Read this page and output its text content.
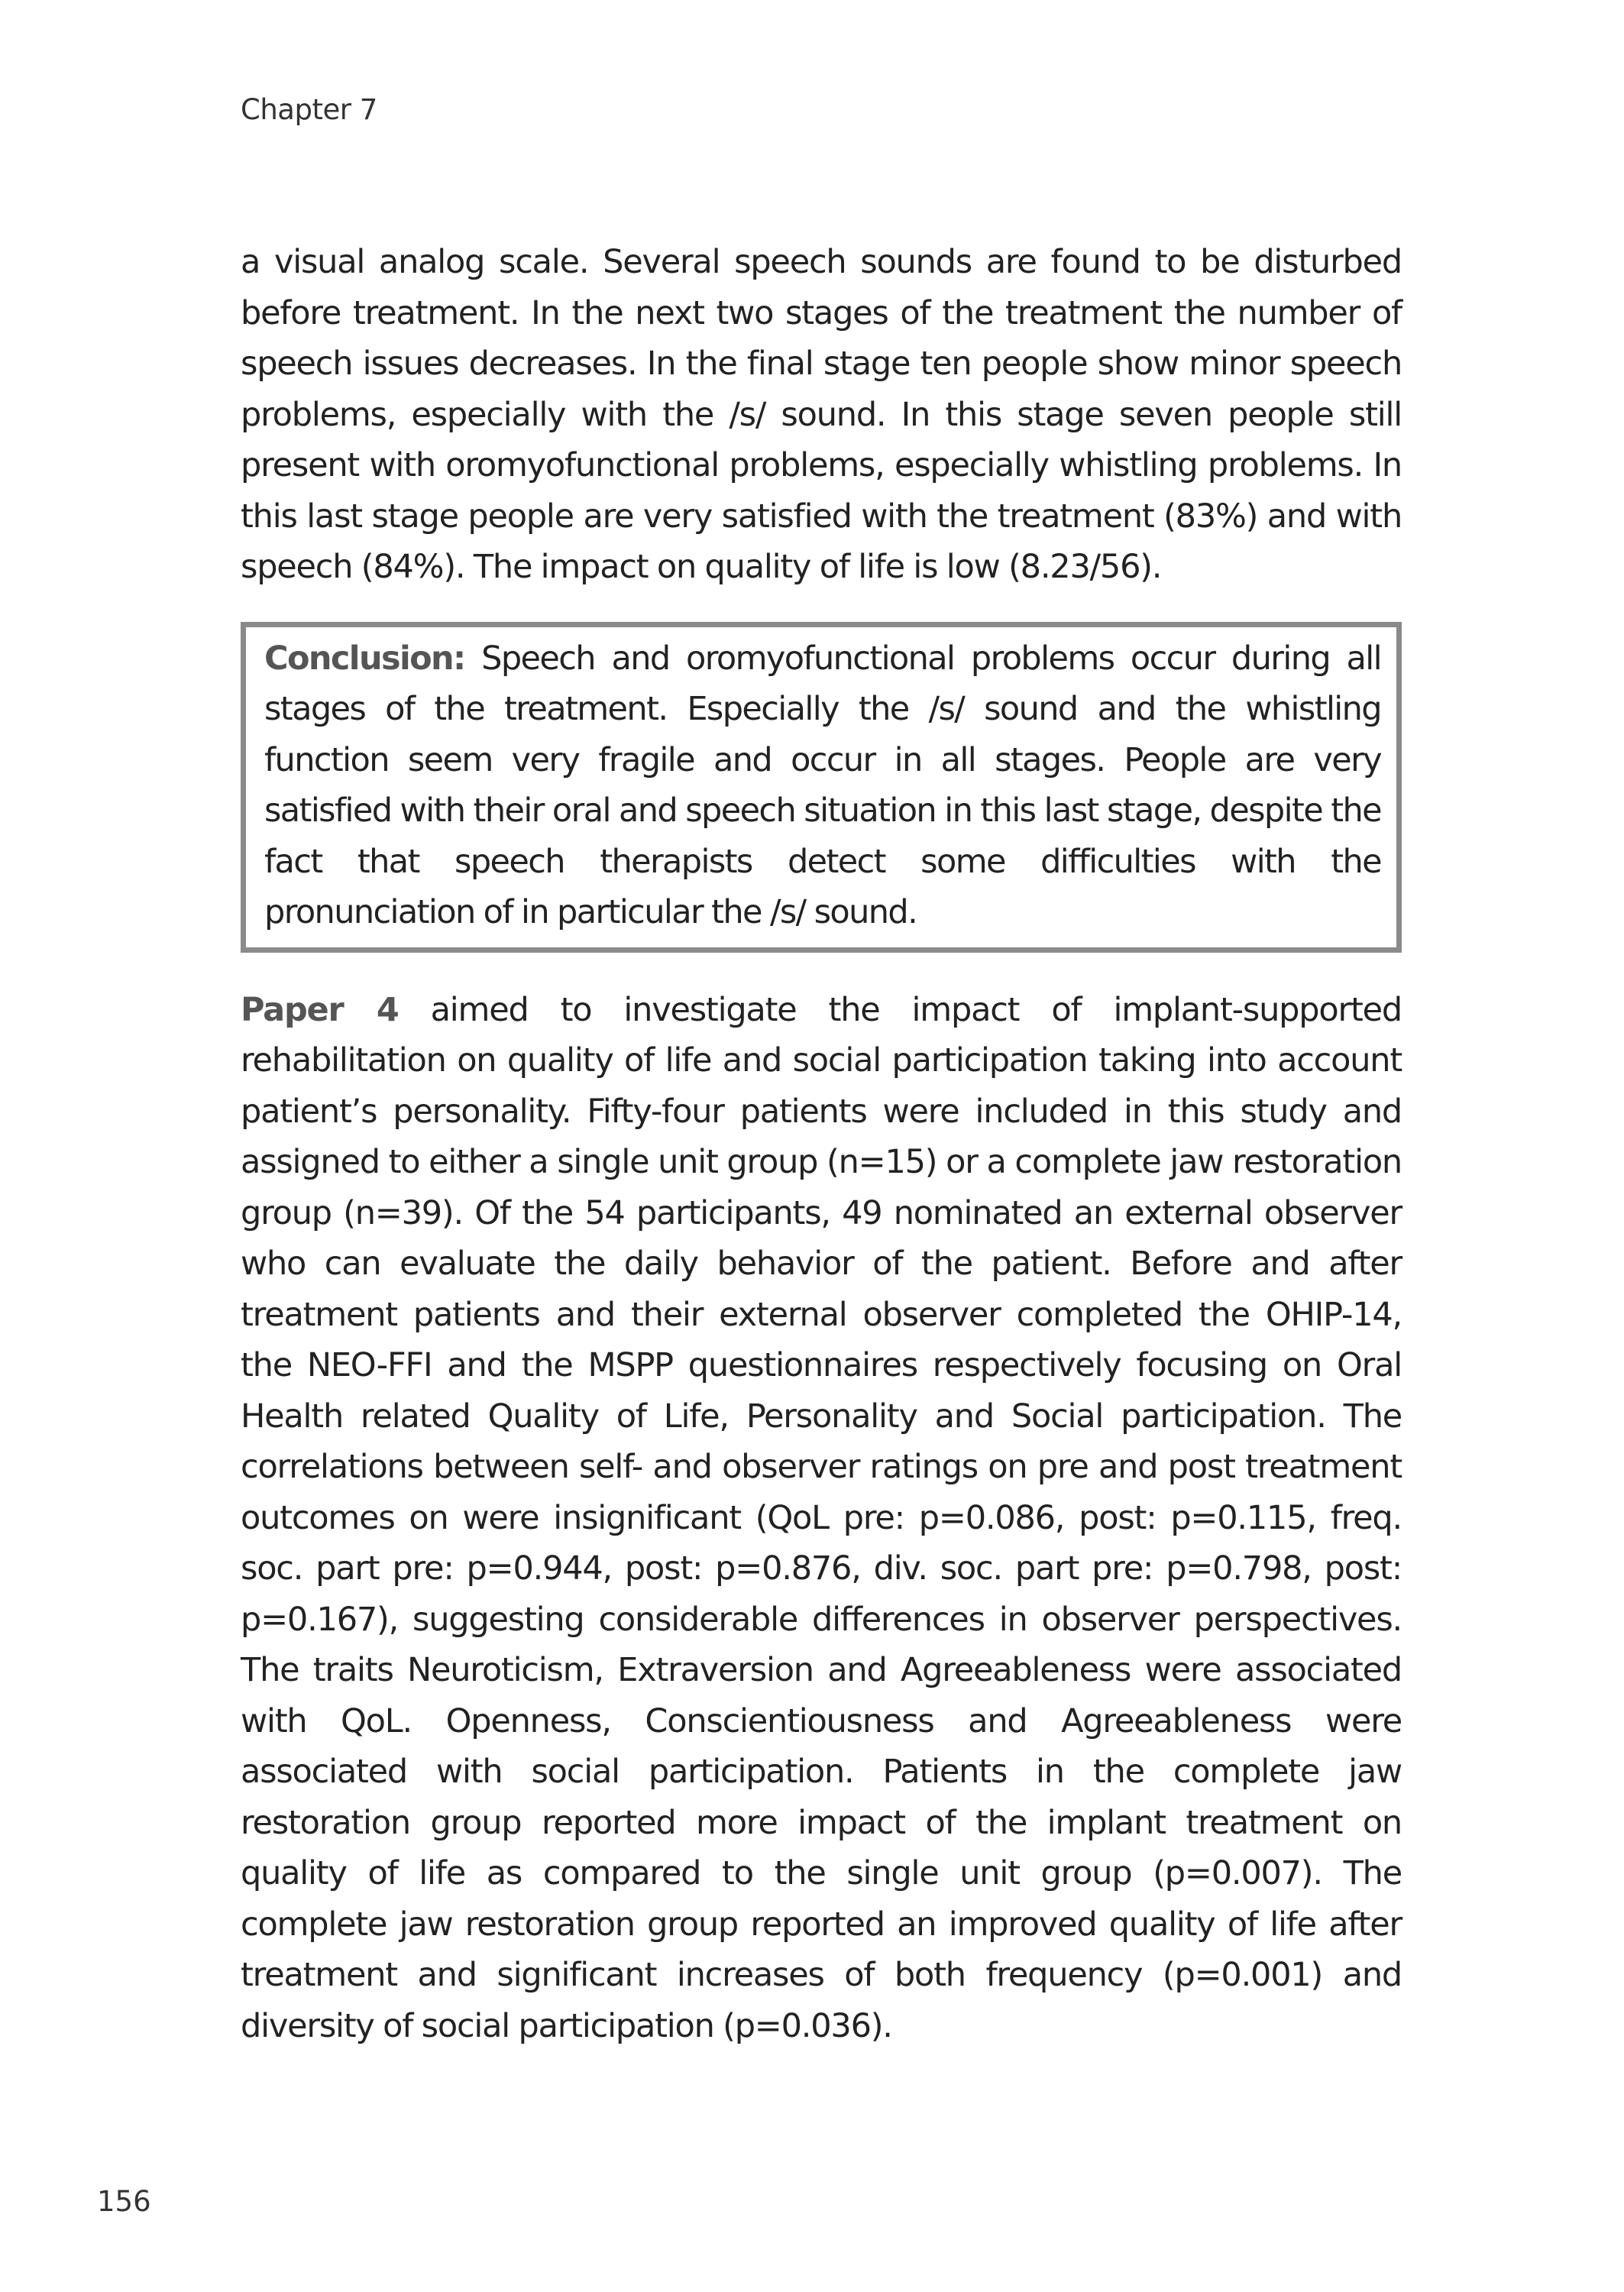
Chapter 7

a visual analog scale. Several speech sounds are found to be disturbed before treatment. In the next two stages of the treatment the number of speech issues decreases. In the final stage ten people show minor speech problems, especially with the /s/ sound. In this stage seven people still present with oromyofunctional problems, especially whistling problems. In this last stage people are very satisfied with the treatment (83%) and with speech (84%). The impact on quality of life is low (8.23/56).

Conclusion: Speech and oromyofunctional problems occur during all stages of the treatment. Especially the /s/ sound and the whistling function seem very fragile and occur in all stages. People are very satisfied with their oral and speech situation in this last stage, despite the fact that speech therapists detect some difficulties with the pronunciation of in particular the /s/ sound.

Paper 4 aimed to investigate the impact of implant-supported rehabilitation on quality of life and social participation taking into account patient’s personality. Fifty-four patients were included in this study and assigned to either a single unit group (n=15) or a complete jaw restoration group (n=39). Of the 54 participants, 49 nominated an external observer who can evaluate the daily behavior of the patient. Before and after treatment patients and their external observer completed the OHIP-14, the NEO-FFI and the MSPP questionnaires respectively focusing on Oral Health related Quality of Life, Personality and Social participation. The correlations between self- and observer ratings on pre and post treatment outcomes on were insignificant (QoL pre: p=0.086, post: p=0.115, freq. soc. part pre: p=0.944, post: p=0.876, div. soc. part pre: p=0.798, post: p=0.167), suggesting considerable differences in observer perspectives. The traits Neuroticism, Extraversion and Agreeableness were associated with QoL. Openness, Conscientiousness and Agreeableness were associated with social participation. Patients in the complete jaw restoration group reported more impact of the implant treatment on quality of life as compared to the single unit group (p=0.007). The complete jaw restoration group reported an improved quality of life after treatment and significant increases of both frequency (p=0.001) and diversity of social participation (p=0.036).

156
